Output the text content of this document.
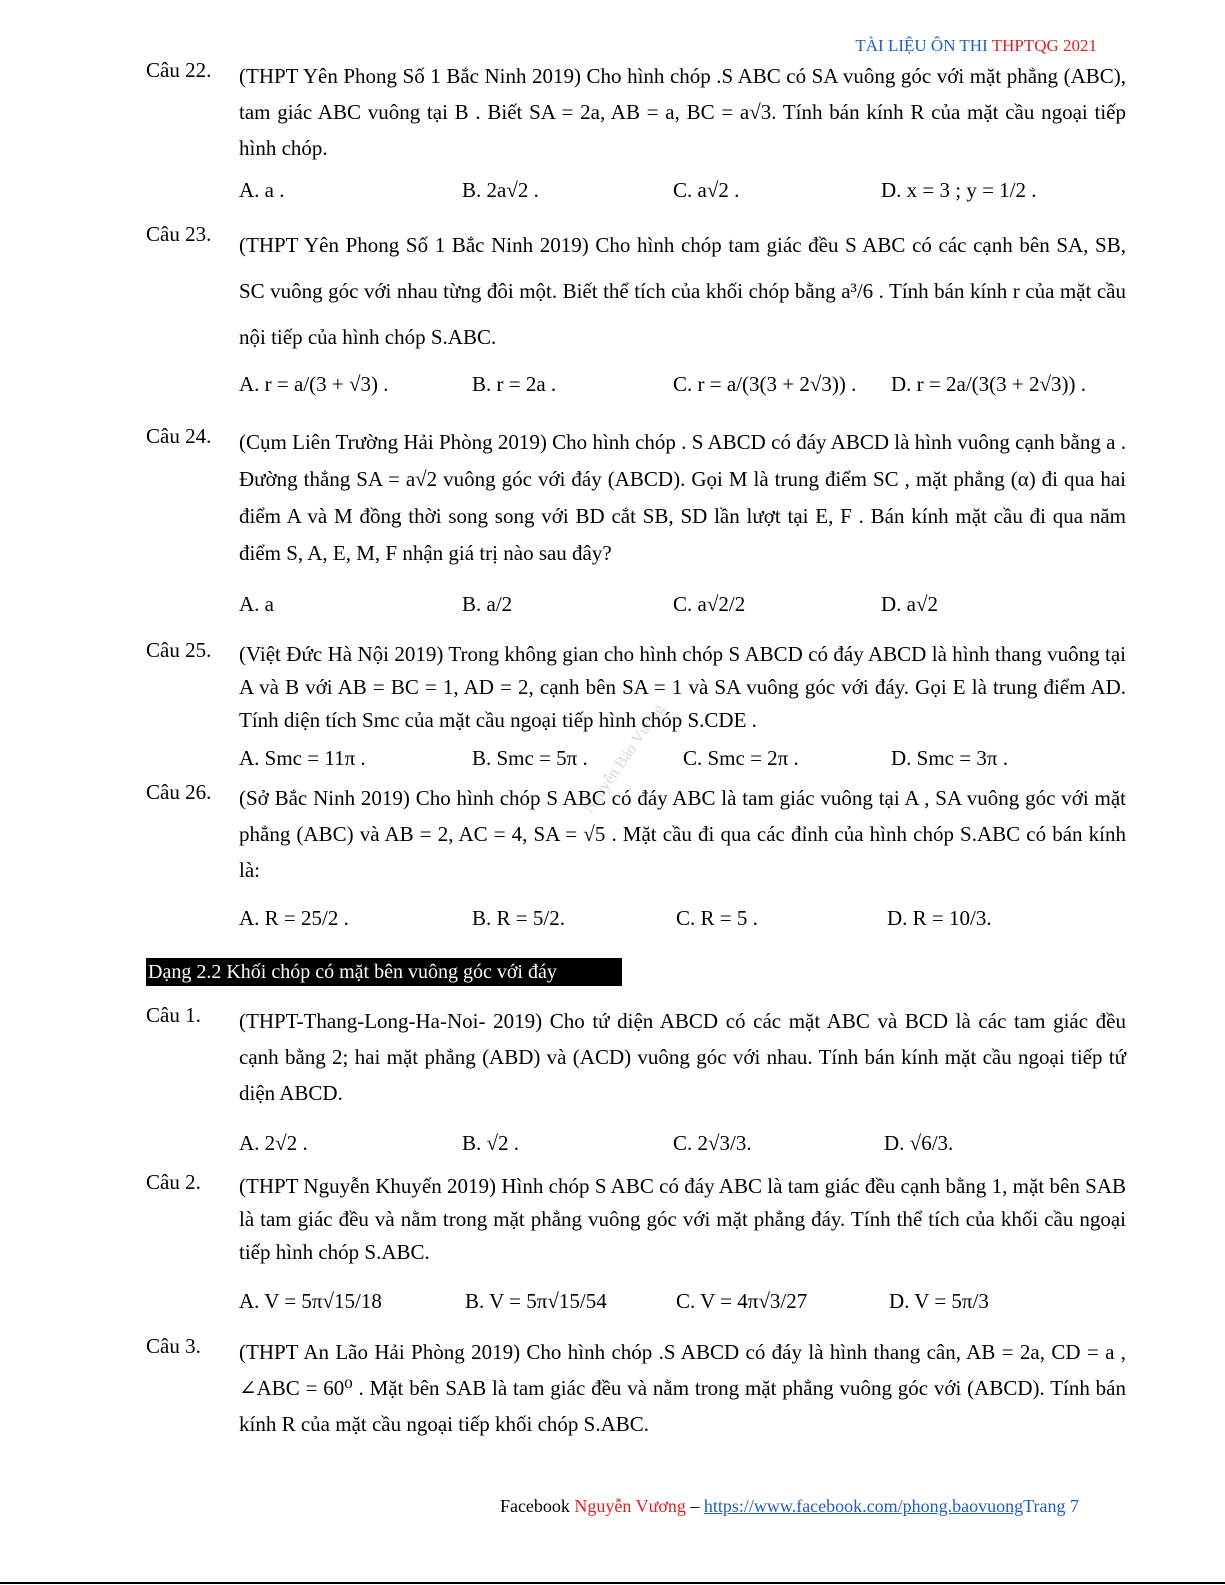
TÀI LIỆU ÔN THI THPTQG 2021
Nguyễn Bảo Vương
Câu 22.	(THPT Yên Phong Số 1 Bắc Ninh 2019) Cho hình chóp .S ABC có SA vuông góc với mặt phẳng (ABC), tam giác ABC vuông tại B . Biết SA = 2a, AB = a, BC = a√3. Tính bán kính R của mặt cầu ngoại tiếp hình chóp.
A. a .	B. 2a√2 .	C. a√2 .	D. x = 3 ; y = 1/2 .
Câu 23.	(THPT Yên Phong Số 1 Bắc Ninh 2019) Cho hình chóp tam giác đều S ABC có các cạnh bên SA, SB, SC vuông góc với nhau từng đôi một. Biết thể tích của khối chóp bằng a³/6 . Tính bán kính r của mặt cầu nội tiếp của hình chóp S.ABC.
A. r = a/(3 + √3) .	B. r = 2a .	C. r = a/(3(3 + 2√3)) . D. r = 2a/(3(3 + 2√3)) .
Câu 24.	(Cụm Liên Trường Hải Phòng 2019) Cho hình chóp . S ABCD có đáy ABCD là hình vuông cạnh bằng a . Đường thẳng SA = a√2 vuông góc với đáy (ABCD). Gọi M là trung điểm SC , mặt phẳng (α) đi qua hai điểm A và M đồng thời song song với BD cắt SB, SD lần lượt tại E, F . Bán kính mặt cầu đi qua năm điểm S, A, E, M, F nhận giá trị nào sau đây?
A. a	B. a/2	C. a√2/2	D. a√2
Câu 25.	(Việt Đức Hà Nội 2019) Trong không gian cho hình chóp S ABCD có đáy ABCD là hình thang vuông tại A và B với AB = BC = 1, AD = 2, cạnh bên SA = 1 và SA vuông góc với đáy. Gọi E là trung điểm AD. Tính diện tích Smc của mặt cầu ngoại tiếp hình chóp S.CDE .
A. Smc = 11π .	B. Smc = 5π .	C. Smc = 2π .	D. Smc = 3π .
Câu 26.	(Sở Bắc Ninh 2019) Cho hình chóp S ABC có đáy ABC là tam giác vuông tại A , SA vuông góc với mặt phẳng (ABC) và AB = 2, AC = 4, SA = √5 . Mặt cầu đi qua các đỉnh của hình chóp S.ABC có bán kính là:
A. R = 25/2 .	B. R = 5/2.	C. R = 5 .	D. R = 10/3.
Dạng 2.2 Khối chóp có mặt bên vuông góc với đáy
Câu 1.	(THPT-Thang-Long-Ha-Noi- 2019) Cho tứ diện ABCD có các mặt ABC và BCD là các tam giác đều cạnh bằng 2; hai mặt phẳng (ABD) và (ACD) vuông góc với nhau. Tính bán kính mặt cầu ngoại tiếp tứ diện ABCD.
A. 2√2 .	B. √2 .	C. 2√3/3.	D. √6/3.
Câu 2.	(THPT Nguyễn Khuyến 2019) Hình chóp S ABC có đáy ABC là tam giác đều cạnh bằng 1, mặt bên SAB là tam giác đều và nằm trong mặt phẳng vuông góc với mặt phẳng đáy. Tính thể tích của khối cầu ngoại tiếp hình chóp S.ABC.
A. V = 5π√15/18	B. V = 5π√15/54	C. V = 4π√3/27	D. V = 5π/3
Câu 3.	(THPT An Lão Hải Phòng 2019) Cho hình chóp .S ABCD có đáy là hình thang cân, AB = 2a, CD = a , ∠ABC = 60⁰ . Mặt bên SAB là tam giác đều và nằm trong mặt phẳng vuông góc với (ABCD). Tính bán kính R của mặt cầu ngoại tiếp khối chóp S.ABC.
Facebook Nguyễn Vương – https://www.facebook.com/phong.baovuongTrang 7
